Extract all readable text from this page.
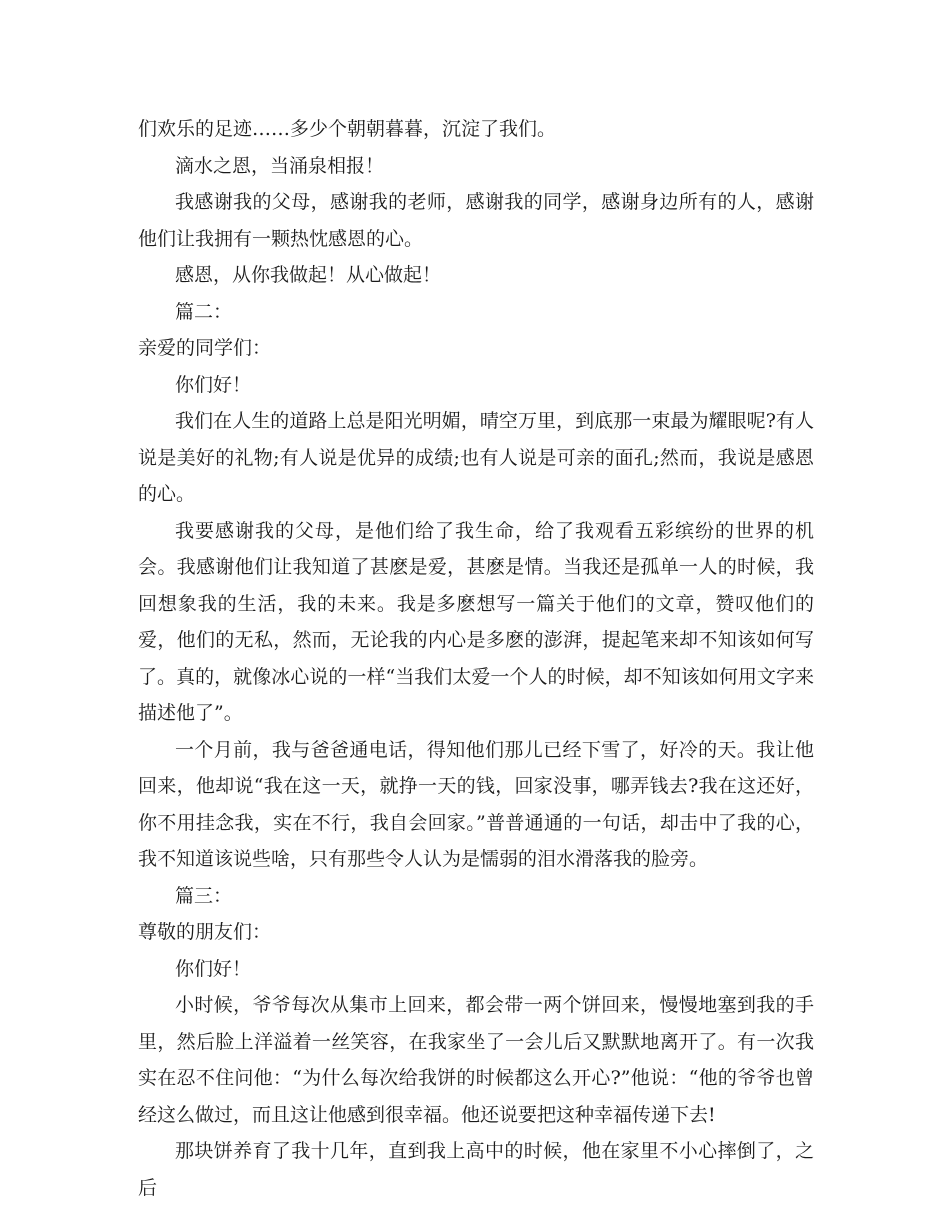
们欢乐的足迹……多少个朝朝暮暮，沉淀了我们。

滴水之恩，当涌泉相报！

我感谢我的父母，感谢我的老师，感谢我的同学，感谢身边所有的人，感谢他们让我拥有一颗热忱感恩的心。

感恩，从你我做起！从心做起！

篇二：

亲爱的同学们：

你们好！

我们在人生的道路上总是阳光明媚，晴空万里，到底那一束最为耀眼呢?有人说是美好的礼物;有人说是优异的成绩;也有人说是可亲的面孔;然而，我说是感恩的心。

我要感谢我的父母，是他们给了我生命，给了我观看五彩缤纷的世界的机会。我感谢他们让我知道了甚麽是爱，甚麽是情。当我还是孤单一人的时候，我回想象我的生活，我的未来。我是多麽想写一篇关于他们的文章，赞叹他们的爱，他们的无私，然而，无论我的内心是多麽的澎湃，提起笔来却不知该如何写了。真的，就像冰心说的一样“当我们太爱一个人的时候，却不知该如何用文字来描述他了”。

一个月前，我与爸爸通电话，得知他们那儿已经下雪了，好冷的天。我让他回来，他却说“我在这一天，就挣一天的钱，回家没事，哪弄钱去?我在这还好，你不用挂念我，实在不行，我自会回家。”普普通通的一句话，却击中了我的心，我不知道该说些啥，只有那些令人认为是懦弱的泪水滑落我的脸旁。

篇三：

尊敬的朋友们：

你们好！

小时候，爷爷每次从集市上回来，都会带一两个饼回来，慢慢地塞到我的手里，然后脸上洋溢着一丝笑容，在我家坐了一会儿后又默默地离开了。有一次我实在忍不住问他：“为什么每次给我饼的时候都这么开心?”他说：“他的爷爷也曾经这么做过，而且这让他感到很幸福。他还说要把这种幸福传递下去!

那块饼养育了我十几年，直到我上高中的时候，他在家里不小心摔倒了，之后
